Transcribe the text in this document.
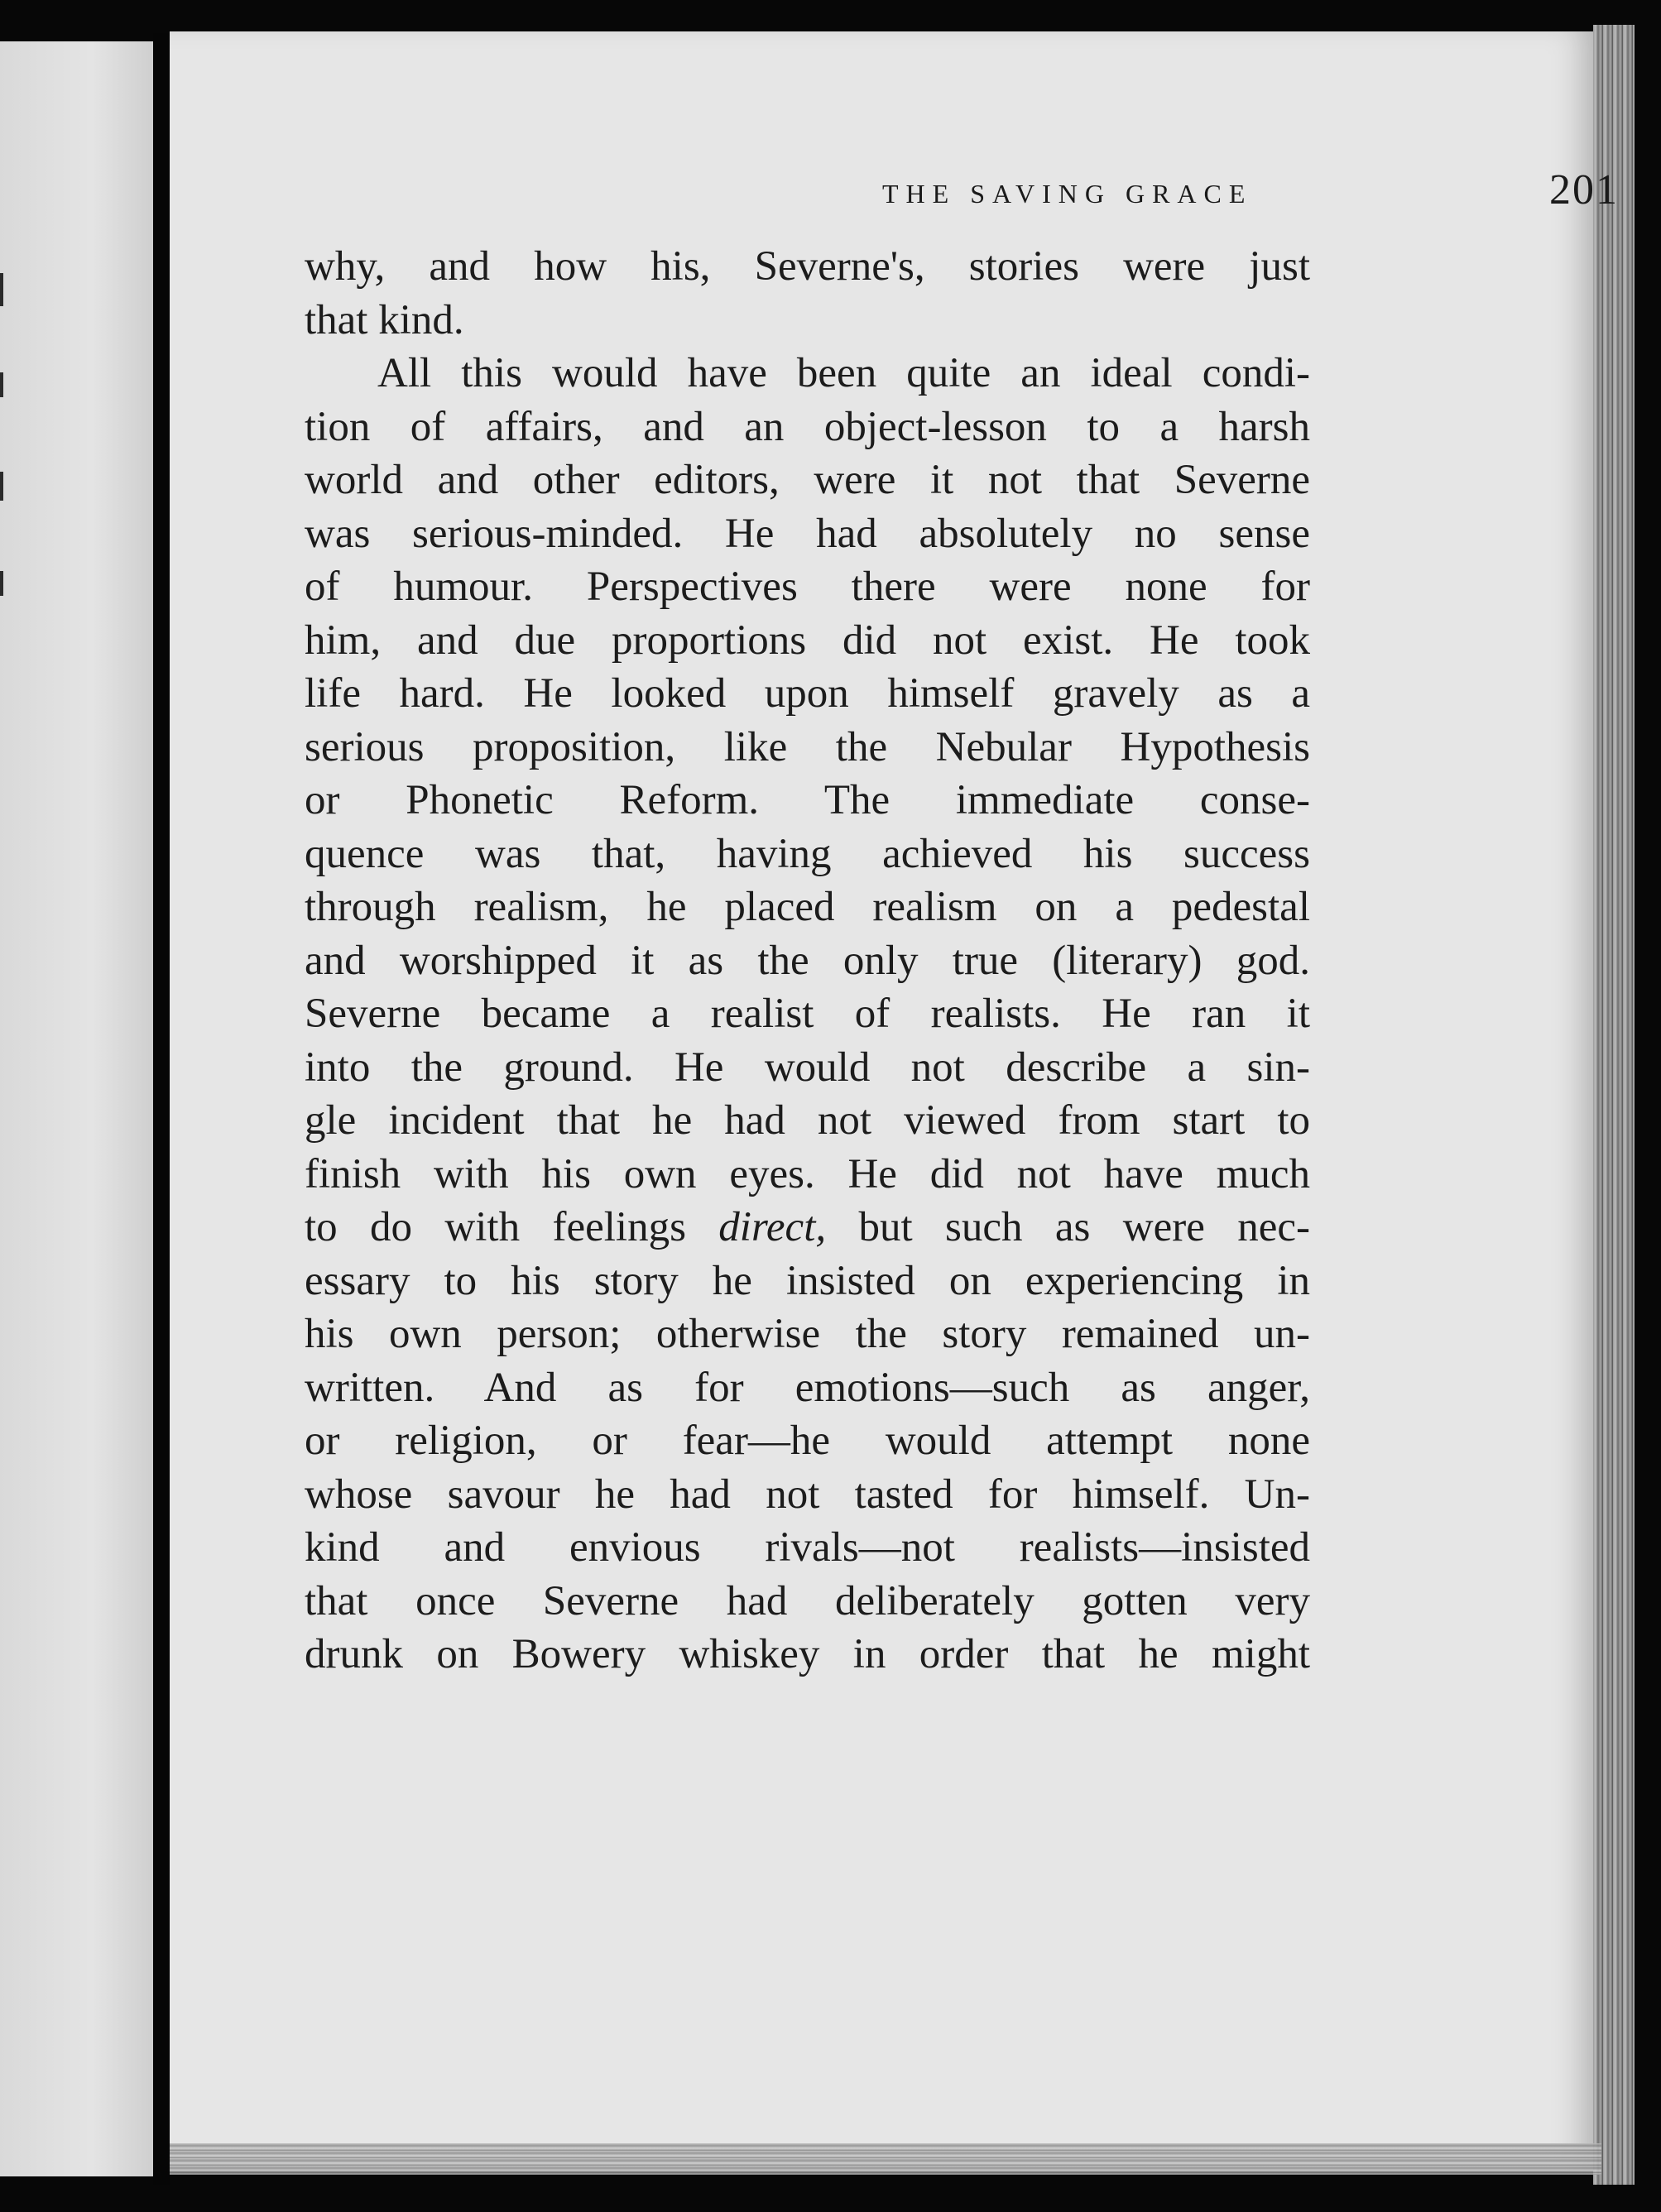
THE SAVING GRACE	201
why, and how his, Severne's, stories were just
that kind.
All this would have been quite an ideal condi-
tion of affairs, and an object-lesson to a harsh
world and other editors, were it not that Severne
was serious-minded. He had absolutely no sense
of humour. Perspectives there were none for
him, and due proportions did not exist. He took
life hard. He looked upon himself gravely as a
serious proposition, like the Nebular Hypothesis
or Phonetic Reform. The immediate conse-
quence was that, having achieved his success
through realism, he placed realism on a pedestal
and worshipped it as the only true (literary) god.
Severne became a realist of realists. He ran it
into the ground. He would not describe a sin-
gle incident that he had not viewed from start to
finish with his own eyes. He did not have much
to do with feelings direct, but such as were nec-
essary to his story he insisted on experiencing in
his own person; otherwise the story remained un-
written. And as for emotions—such as anger,
or religion, or fear—he would attempt none
whose savour he had not tasted for himself. Un-
kind and envious rivals—not realists—insisted
that once Severne had deliberately gotten very
drunk on Bowery whiskey in order that he might
